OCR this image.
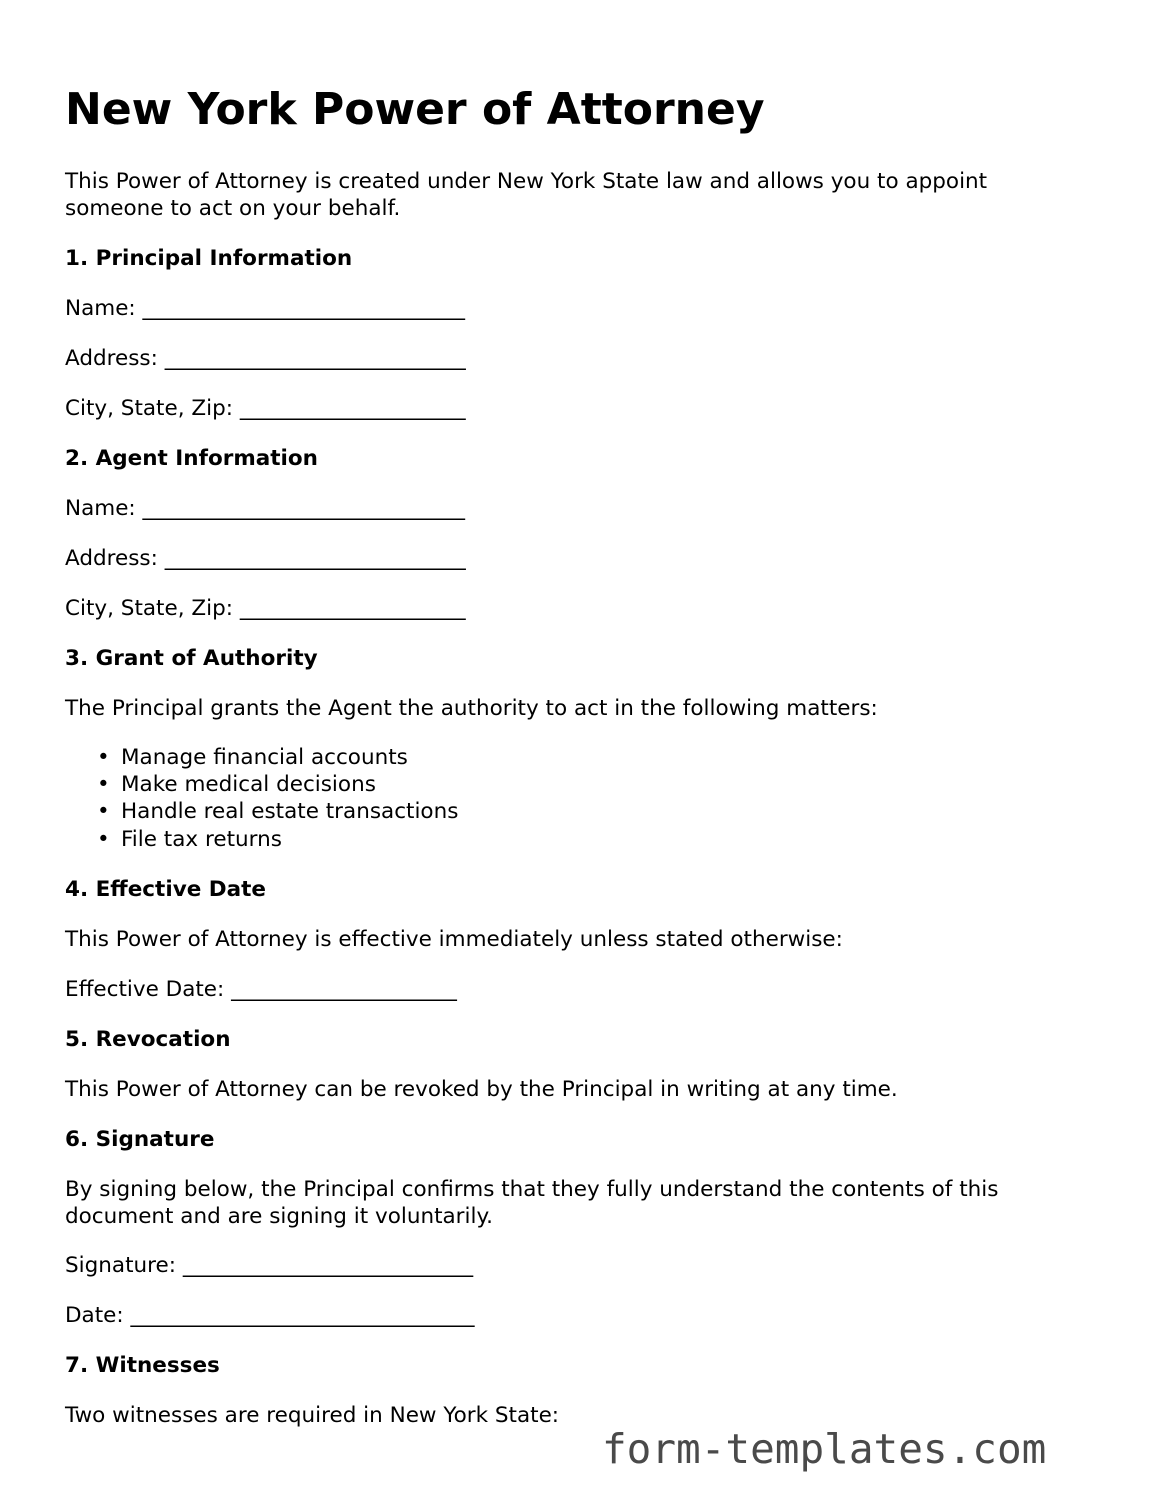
New York Power of Attorney

This Power of Attorney is created under New York State law and allows you to appoint someone to act on your behalf.

1. Principal Information

Name: ______________________________

Address: ____________________________

City, State, Zip: _____________________

2. Agent Information

Name: ______________________________

Address: ____________________________

City, State, Zip: _____________________

3. Grant of Authority

The Principal grants the Agent the authority to act in the following matters:

• Manage financial accounts
• Make medical decisions
• Handle real estate transactions
• File tax returns

4. Effective Date

This Power of Attorney is effective immediately unless stated otherwise:

Effective Date: _____________________

5. Revocation

This Power of Attorney can be revoked by the Principal in writing at any time.

6. Signature

By signing below, the Principal confirms that they fully understand the contents of this document and are signing it voluntarily.

Signature: ___________________________

Date: ________________________________

7. Witnesses

Two witnesses are required in New York State:

form-templates.com
